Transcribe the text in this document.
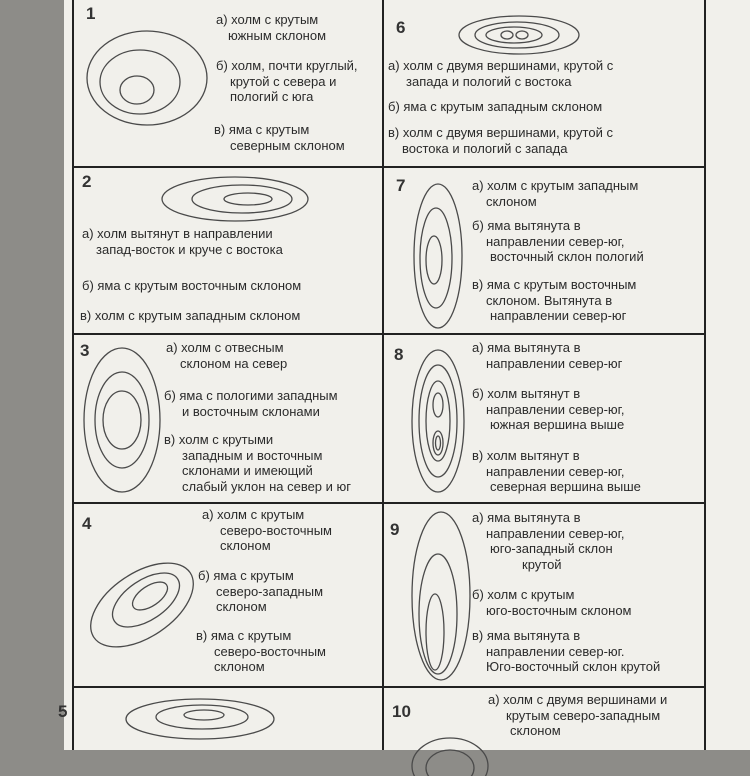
1	а) холм с крутым
южным склоном
б) холм, почти круглый,
крутой с севера и
пологий с юга
в) яма с крутым
северным склоном
6
а) холм с двумя вершинами, крутой с
запада и пологий с востока
б) яма с крутым западным склоном
в) холм с двумя вершинами, крутой с
востока и пологий с запада
2
а) холм вытянут в направлении
запад-восток и круче с востока
б) яма с крутым восточным склоном
в) холм с крутым западным склоном
7	а) холм с крутым западным
склоном
б) яма вытянута в
направлении север-юг,
восточный склон пологий
в) яма с крутым восточным
склоном. Вытянута в
направлении север-юг
3	а) холм с отвесным
склоном на север
б) яма с пологими западным
и восточным склонами
в) холм с крутыми
западным и восточным
склонами и имеющий
слабый уклон на север и юг
8	а) яма вытянута в
направлении север-юг
б) холм вытянут в
направлении север-юг,
южная вершина выше
в) холм вытянут в
направлении север-юг,
северная вершина выше
4	а) холм с крутым
северо-восточным
склоном
б) яма с крутым
северо-западным
склоном
в) яма с крутым
северо-восточным
склоном
9
а) яма вытянута в
направлении север-юг,
юго-западный склон
крутой
б) холм с крутым
юго-восточным склоном
в) яма вытянута в
направлении север-юг.
Юго-восточный склон крутой
5	10
а) холм с двумя вершинами и
крутым северо-западным
склоном
